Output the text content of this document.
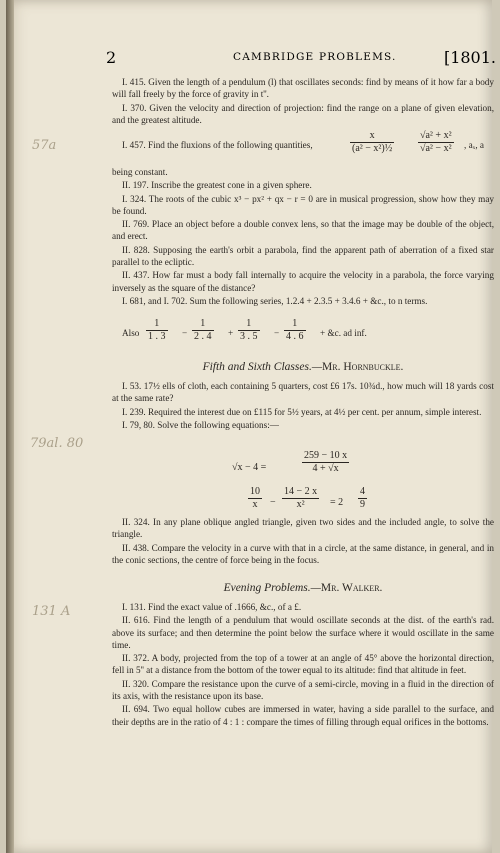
2	CAMBRIDGE PROBLEMS.	[1801.
57a
79al. 80
131 A

I. 415. Given the length of a pendulum (l) that oscillates seconds: find by means of it how far a body will fall freely by the force of gravity in t''.

I. 370. Given the velocity and direction of projection: find the range on a plane of given elevation, and the greatest altitude.

I. 457. Find the fluxions of the following quantities,	$\frac{x}{\text{(a² − x²)½}} \frac{\text{√a² + x²}}{\text{√a² − x²}}$ , aₓ, a

being constant.

II. 197. Inscribe the greatest cone in a given sphere.

I. 324. The roots of the cubic x³ − px² + qx − r = 0 are in musical progression, show how they may be found.

II. 769. Place an object before a double convex lens, so that the image may be double of the object, and erect.

II. 828. Supposing the earth's orbit a parabola, find the apparent path of aberration of a fixed star parallel to the ecliptic.

II. 437. How far must a body fall internally to acquire the velocity in a parabola, the force varying inversely as the square of the distance?

I. 681, and I. 702. Sum the following series, 1.2.4 + 2.3.5 + 3.4.6 + &c., to n terms.

Also $\frac{1}{1 . 3} - \frac{1}{2 . 4} + \frac{1}{3 . 5} - \frac{1}{4 . 6}$ + &c. ad inf.
Fifth and Sixth Classes.—Mr. Hornbuckle.

I. 53. 17½ ells of cloth, each containing 5 quarters, cost £6 17s. 10¾d., how much will 18 yards cost at the same rate?

I. 239. Required the interest due on £115 for 5½ years, at 4½ per cent. per annum, simple interest.

I. 79, 80. Solve the following equations:—

√x − 4 =	$\frac{259 - 10 x}{4 + √x}$
$\frac{10}{x} - \frac{14 - 2 x}{\text{x²}} = 2 \frac{4}{9}$

II. 324. In any plane oblique angled triangle, given two sides and the included angle, to solve the triangle.

II. 438. Compare the velocity in a curve with that in a circle, at the same distance, in general, and in the conic sections, the centre of force being in the focus.

Evening Problems.—Mr. Walker.

I. 131. Find the exact value of .1666, &c., of a £.

II. 616. Find the length of a pendulum that would oscillate seconds at the dist. of the earth's rad. above its surface; and then determine the point below the surface where it would oscillate in the same time.

II. 372. A body, projected from the top of a tower at an angle of 45° above the horizontal direction, fell in 5'' at a distance from the bottom of the tower equal to its altitude: find that altitude in feet.

II. 320. Compare the resistance upon the curve of a semi-circle, moving in a fluid in the direction of its axis, with the resistance upon its base.

II. 694. Two equal hollow cubes are immersed in water, having a side parallel to the surface, and their depths are in the ratio of 4 : 1 : compare the times of filling through equal orifices in the bottoms.
